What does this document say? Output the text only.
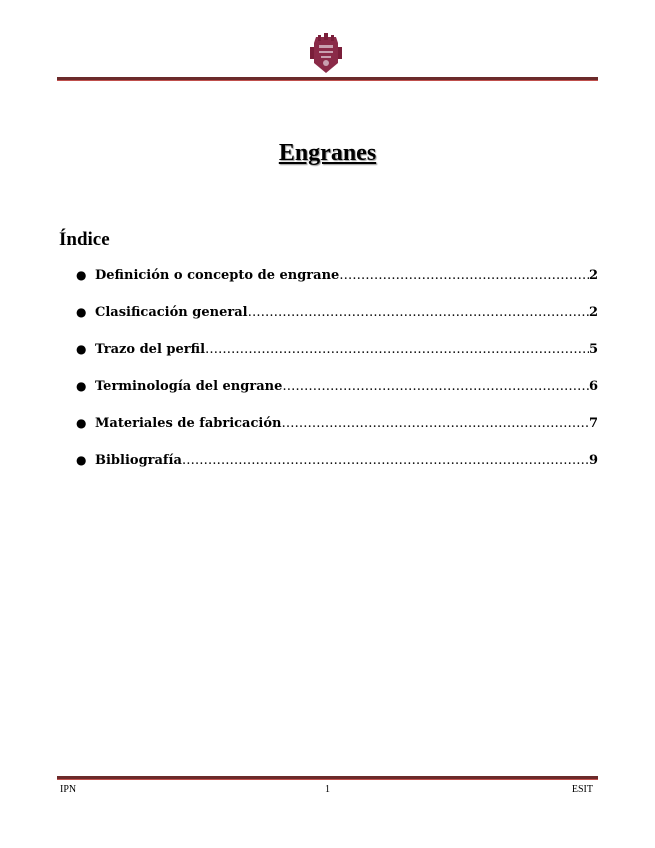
Engranes
Índice
● Definición o concepto de engrane ………………………………………………………………………………………………………………	2
● Clasificación general ………………………………………………………………………………………………………………	2
● Trazo del perfil ………………………………………………………………………………………………………………	5
● Terminología del engrane ………………………………………………………………………………………………………………	6
● Materiales de fabricación ………………………………………………………………………………………………………………	7
● Bibliografía ………………………………………………………………………………………………………………	9
IPN	1	ESIT
